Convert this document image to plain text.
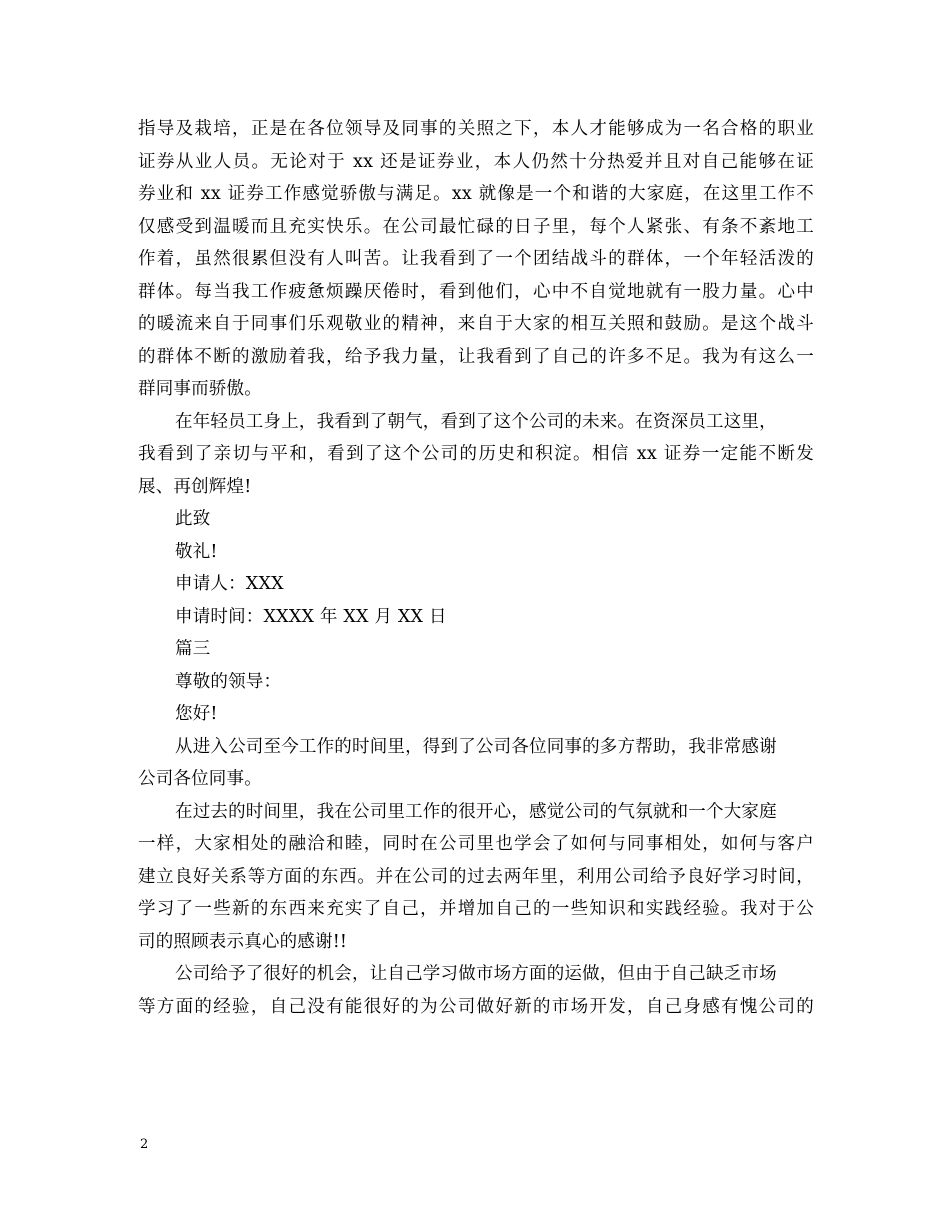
指导及栽培，正是在各位领导及同事的关照之下，本人才能够成为一名合格的职业
证券从业人员。无论对于 xx 还是证券业，本人仍然十分热爱并且对自己能够在证
券业和 xx 证券工作感觉骄傲与满足。xx 就像是一个和谐的大家庭，在这里工作不
仅感受到温暖而且充实快乐。在公司最忙碌的日子里，每个人紧张、有条不紊地工
作着，虽然很累但没有人叫苦。让我看到了一个团结战斗的群体，一个年轻活泼的
群体。每当我工作疲惫烦躁厌倦时，看到他们，心中不自觉地就有一股力量。心中
的暖流来自于同事们乐观敬业的精神，来自于大家的相互关照和鼓励。是这个战斗
的群体不断的激励着我，给予我力量，让我看到了自己的许多不足。我为有这么一
群同事而骄傲。
在年轻员工身上，我看到了朝气，看到了这个公司的未来。在资深员工这里，
我看到了亲切与平和，看到了这个公司的历史和积淀。相信 xx 证券一定能不断发
展、再创辉煌!
此致
敬礼!
申请人：XXX
申请时间：XXXX 年 XX 月 XX 日
篇三
尊敬的领导：
您好!
从进入公司至今工作的时间里，得到了公司各位同事的多方帮助，我非常感谢
公司各位同事。
在过去的时间里，我在公司里工作的很开心，感觉公司的气氛就和一个大家庭
一样，大家相处的融洽和睦，同时在公司里也学会了如何与同事相处，如何与客户
建立良好关系等方面的东西。并在公司的过去两年里，利用公司给予良好学习时间，
学习了一些新的东西来充实了自己，并增加自己的一些知识和实践经验。我对于公
司的照顾表示真心的感谢!!
公司给予了很好的机会，让自己学习做市场方面的运做，但由于自己缺乏市场
等方面的经验，自己没有能很好的为公司做好新的市场开发，自己身感有愧公司的
2
